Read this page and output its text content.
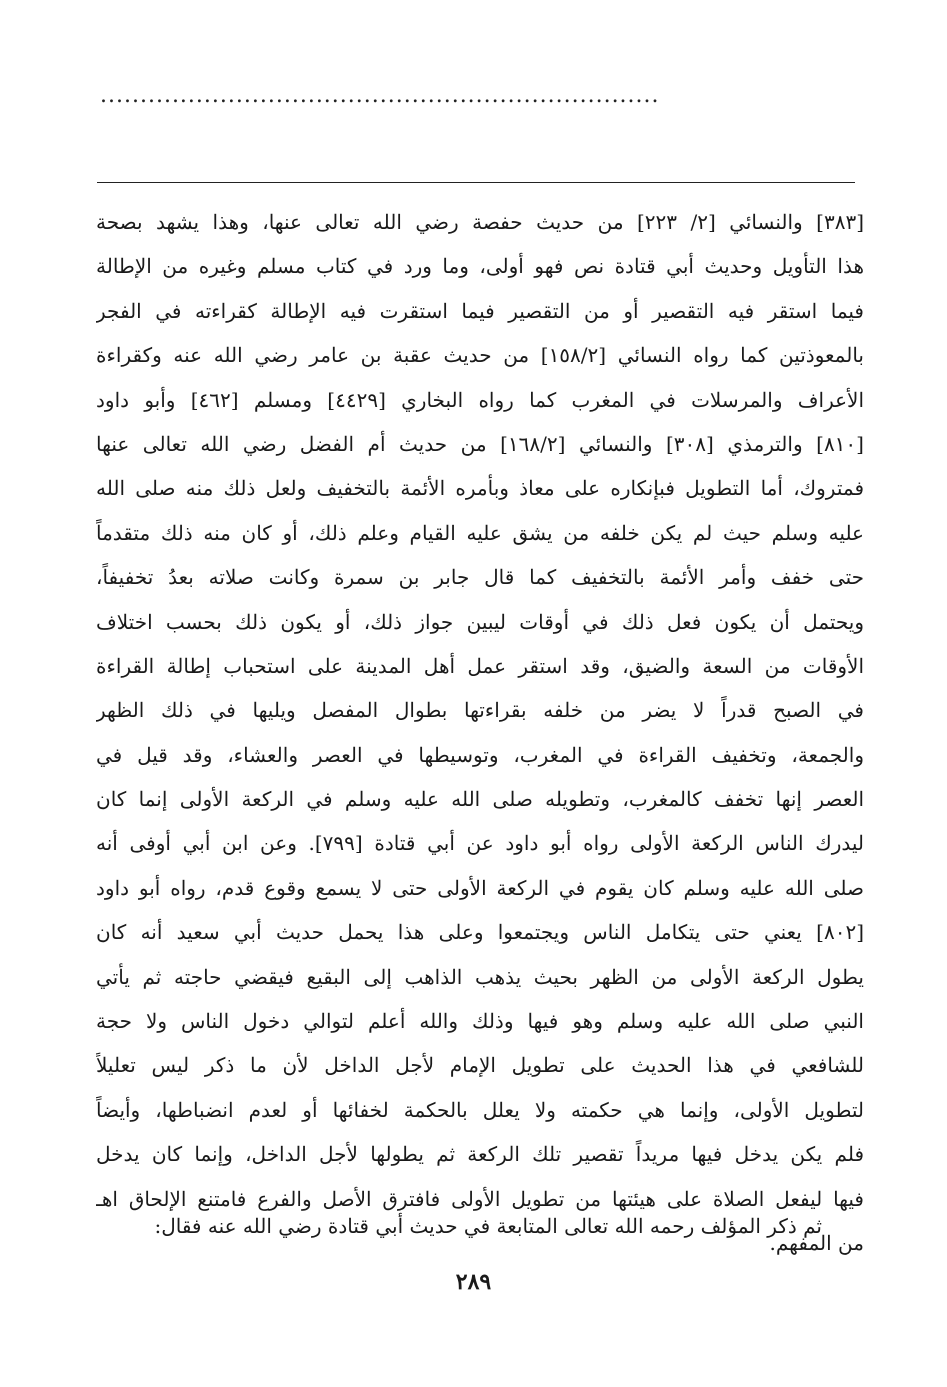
......................................................................
[٣٨٣] والنسائي [٢/ ٢٢٣] من حديث حفصة رضي الله تعالى عنها، وهذا يشهد بصحة
هذا التأويل وحديث أبي قتادة نص فهو أولى، وما ورد في كتاب مسلم وغيره من الإطالة
فيما استقر فيه التقصير أو من التقصير فيما استقرت فيه الإطالة كقراءته في الفجر
بالمعوذتين كما رواه النسائي [١٥٨/٢] من حديث عقبة بن عامر رضي الله عنه وكقراءة
الأعراف والمرسلات في المغرب كما رواه البخاري [٤٤٢٩] ومسلم [٤٦٢] وأبو داود
[٨١٠] والترمذي [٣٠٨] والنسائي [١٦٨/٢] من حديث أم الفضل رضي الله تعالى عنها
فمتروك، أما التطويل فبإنكاره على معاذ وبأمره الأئمة بالتخفيف ولعل ذلك منه صلى الله
عليه وسلم حيث لم يكن خلفه من يشق عليه القيام وعلم ذلك، أو كان منه ذلك متقدماً
حتى خفف وأمر الأئمة بالتخفيف كما قال جابر بن سمرة وكانت صلاته بعدُ تخفيفاً،
ويحتمل أن يكون فعل ذلك في أوقات ليبين جواز ذلك، أو يكون ذلك بحسب اختلاف
الأوقات من السعة والضيق، وقد استقر عمل أهل المدينة على استحباب إطالة القراءة
في الصبح قدراً لا يضر من خلفه بقراءتها بطوال المفصل ويليها في ذلك الظهر
والجمعة، وتخفيف القراءة في المغرب، وتوسيطها في العصر والعشاء، وقد قيل في
العصر إنها تخفف كالمغرب، وتطويله صلى الله عليه وسلم في الركعة الأولى إنما كان
ليدرك الناس الركعة الأولى رواه أبو داود عن أبي قتادة [٧٩٩]. وعن ابن أبي أوفى أنه
صلى الله عليه وسلم كان يقوم في الركعة الأولى حتى لا يسمع وقوع قدم، رواه أبو داود
[٨٠٢] يعني حتى يتكامل الناس ويجتمعوا وعلى هذا يحمل حديث أبي سعيد أنه كان
يطول الركعة الأولى من الظهر بحيث يذهب الذاهب إلى البقيع فيقضي حاجته ثم يأتي
النبي صلى الله عليه وسلم وهو فيها وذلك والله أعلم لتوالي دخول الناس ولا حجة
للشافعي في هذا الحديث على تطويل الإمام لأجل الداخل لأن ما ذكر ليس تعليلاً
لتطويل الأولى، وإنما هي حكمته ولا يعلل بالحكمة لخفائها أو لعدم انضباطها، وأيضاً
فلم يكن يدخل فيها مريداً تقصير تلك الركعة ثم يطولها لأجل الداخل، وإنما كان يدخل
فيها ليفعل الصلاة على هيئتها من تطويل الأولى فافترق الأصل والفرع فامتنع الإلحاق اهـ
من المفهم.
ثم ذكر المؤلف رحمه الله تعالى المتابعة في حديث أبي قتادة رضي الله عنه فقال:
٢٨٩
